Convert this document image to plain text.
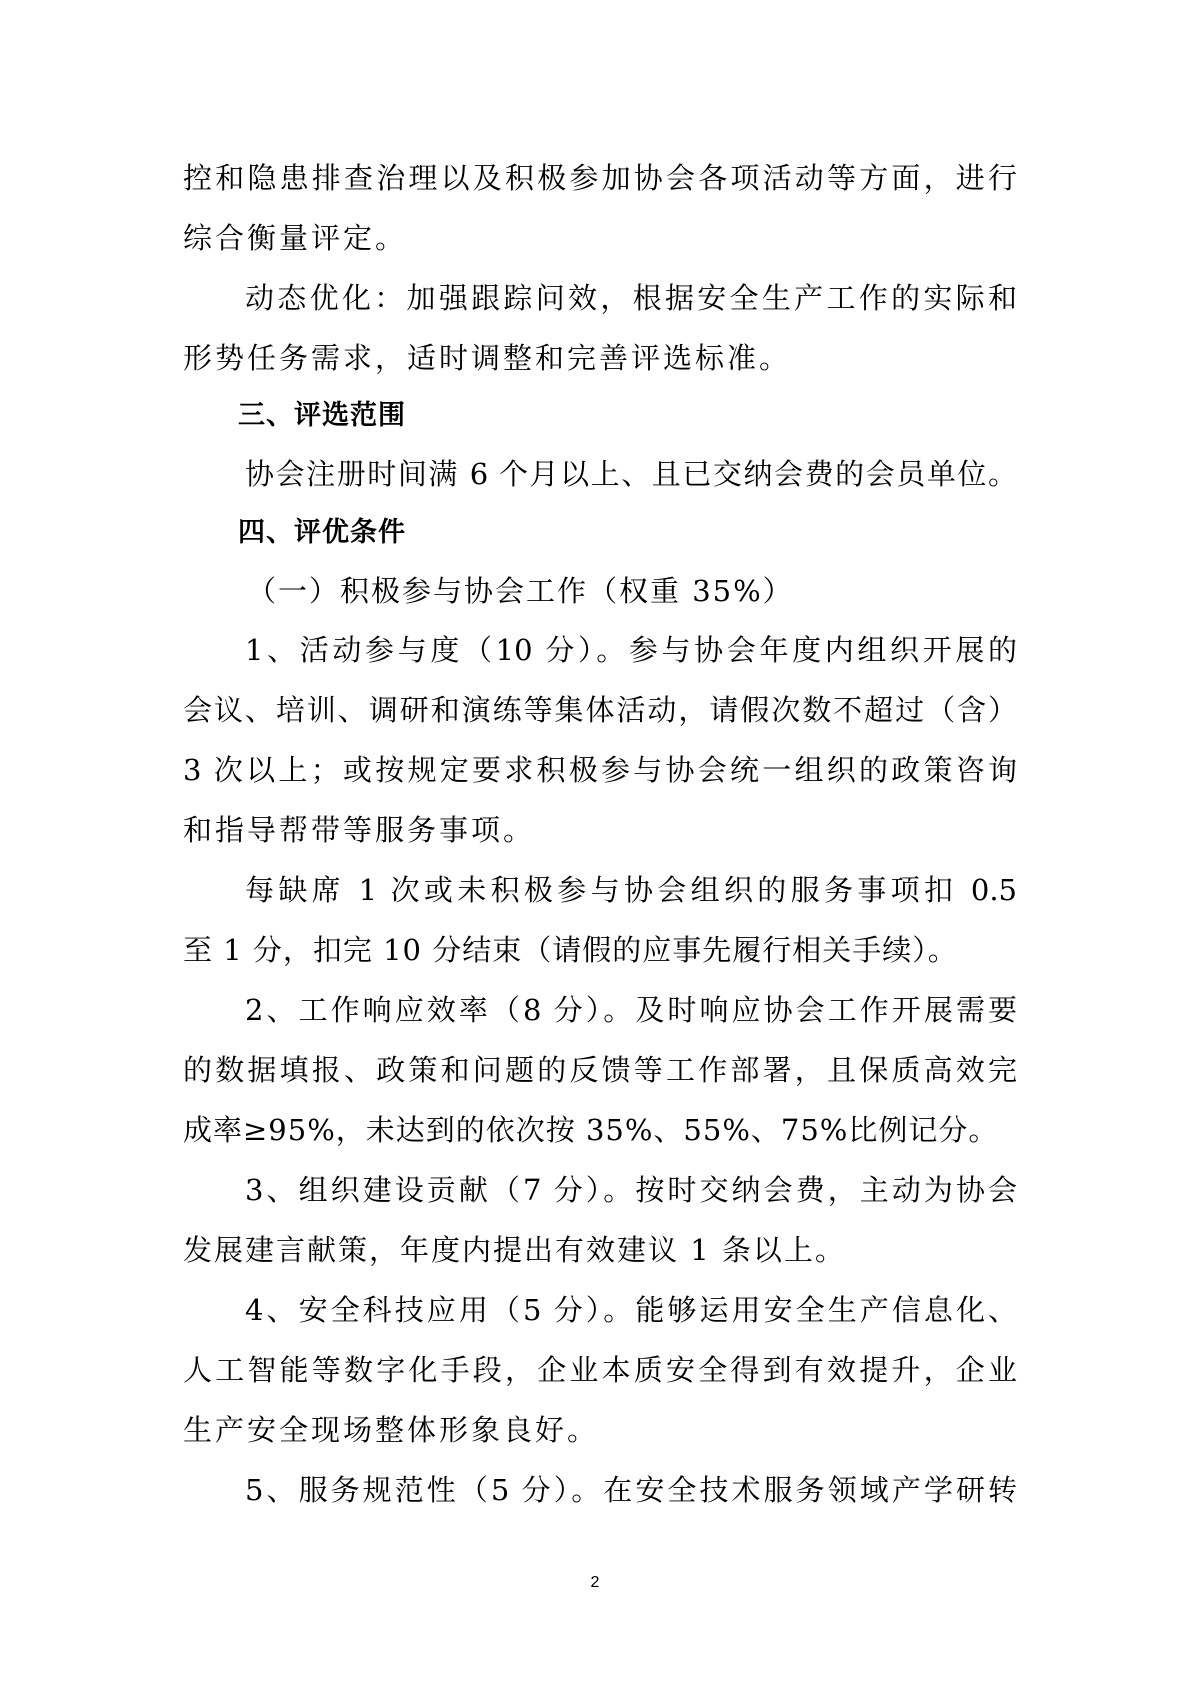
控和隐患排查治理以及积极参加协会各项活动等方面，进行
综合衡量评定。
动态优化：加强跟踪问效，根据安全生产工作的实际和
形势任务需求，适时调整和完善评选标准。
三、评选范围
协会注册时间满 6 个月以上、且已交纳会费的会员单位。
四、评优条件
（一）积极参与协会工作（权重 35%）
1、活动参与度（10 分）。参与协会年度内组织开展的
会议、培训、调研和演练等集体活动，请假次数不超过（含）
3 次以上；或按规定要求积极参与协会统一组织的政策咨询
和指导帮带等服务事项。
每缺席 1 次或未积极参与协会组织的服务事项扣 0.5
至 1 分，扣完 10 分结束（请假的应事先履行相关手续）。
2、工作响应效率（8 分）。及时响应协会工作开展需要
的数据填报、政策和问题的反馈等工作部署，且保质高效完
成率≥95%，未达到的依次按 35%、55%、75%比例记分。
3、组织建设贡献（7 分）。按时交纳会费，主动为协会
发展建言献策，年度内提出有效建议 1 条以上。
4、安全科技应用（5 分）。能够运用安全生产信息化、
人工智能等数字化手段，企业本质安全得到有效提升，企业
生产安全现场整体形象良好。
5、服务规范性（5 分）。在安全技术服务领域产学研转
2
